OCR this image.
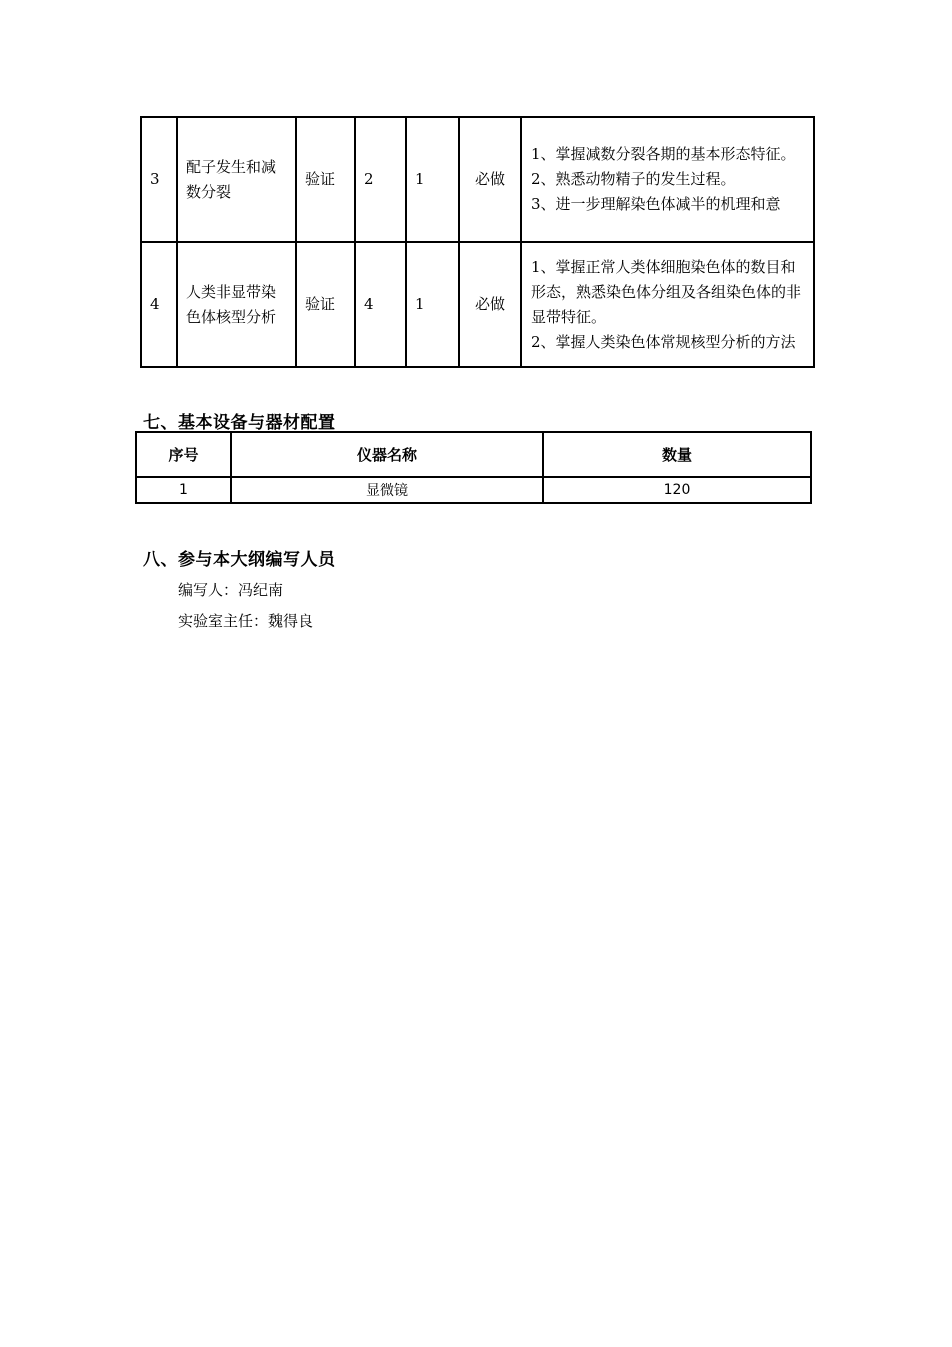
3	配子发生和减数分裂	验证	2	1	必做	1、掌握减数分裂各期的基本形态特征。
2、熟悉动物精子的发生过程。
3、进一步理解染色体减半的机理和意

4	人类非显带染色体核型分析	验证	4	1	必做	1、掌握正常人类体细胞染色体的数目和形态，熟悉染色体分组及各组染色体的非显带特征。
2、掌握人类染色体常规核型分析的方法
七、基本设备与器材配置
序号	仪器名称	数量
1	显微镜	120
八、参与本大纲编写人员
编写人：冯纪南
实验室主任：魏得良
